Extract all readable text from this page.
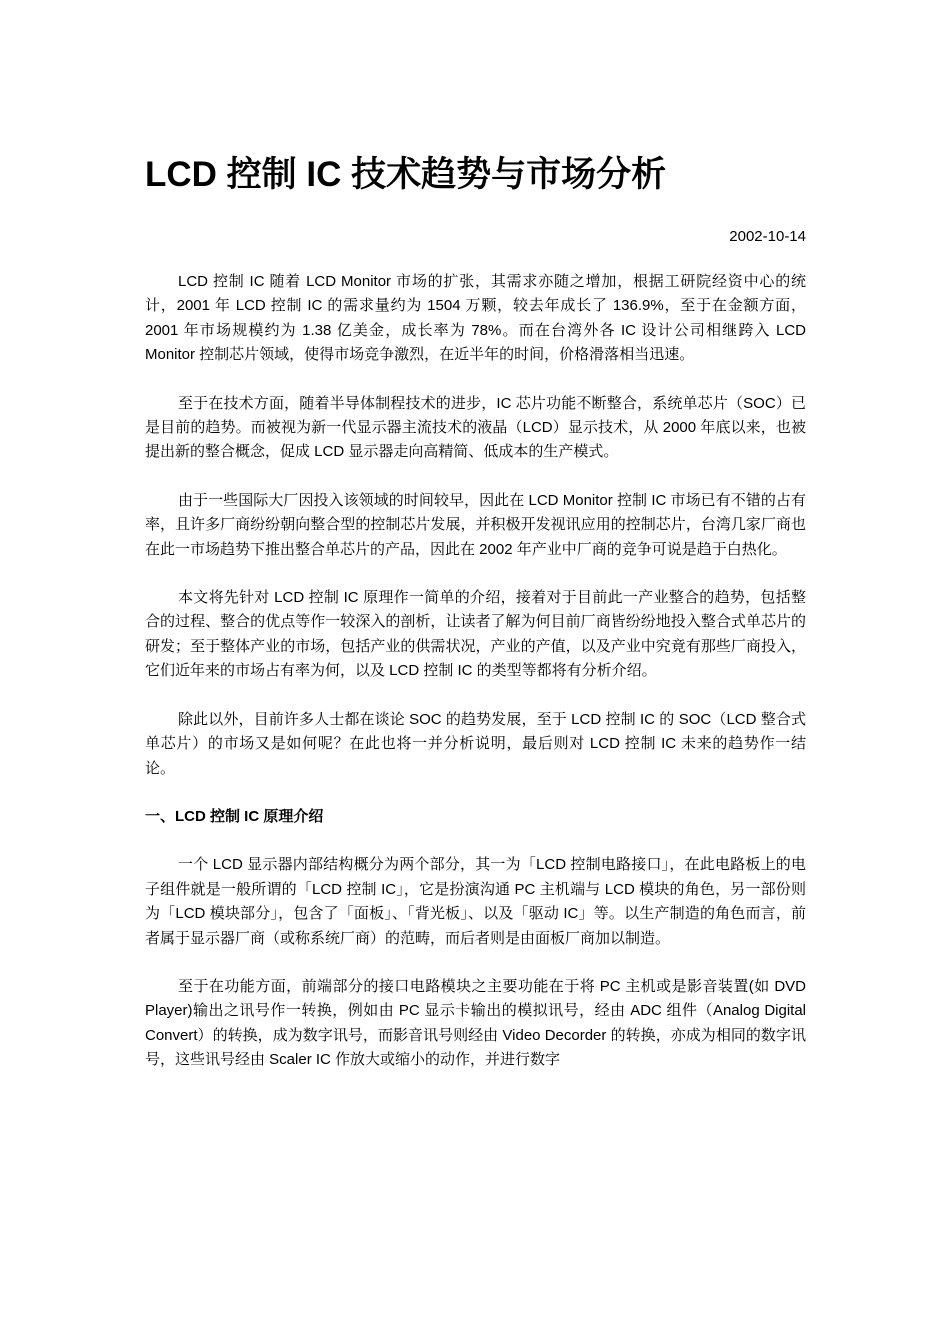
LCD 控制 IC 技术趋势与市场分析
2002-10-14

LCD 控制 IC 随着 LCD Monitor 市场的扩张，其需求亦随之增加，根据工研院经资中心的统计，2001 年 LCD 控制 IC 的需求量约为 1504 万颗，较去年成长了 136.9%，至于在金额方面，2001 年市场规模约为 1.38 亿美金，成长率为 78%。而在台湾外各 IC 设计公司相继跨入 LCD Monitor 控制芯片领域，使得市场竞争激烈，在近半年的时间，价格滑落相当迅速。

至于在技术方面，随着半导体制程技术的进步，IC 芯片功能不断整合，系统单芯片（SOC）已是目前的趋势。而被视为新一代显示器主流技术的液晶（LCD）显示技术，从 2000 年底以来，也被提出新的整合概念，促成 LCD 显示器走向高精简、低成本的生产模式。

由于一些国际大厂因投入该领域的时间较早，因此在 LCD Monitor 控制 IC 市场已有不错的占有率，且许多厂商纷纷朝向整合型的控制芯片发展，并积极开发视讯应用的控制芯片，台湾几家厂商也在此一市场趋势下推出整合单芯片的产品，因此在 2002 年产业中厂商的竞争可说是趋于白热化。

本文将先针对 LCD 控制 IC 原理作一简单的介绍，接着对于目前此一产业整合的趋势，包括整合的过程、整合的优点等作一较深入的剖析，让读者了解为何目前厂商皆纷纷地投入整合式单芯片的研发；至于整体产业的市场，包括产业的供需状况，产业的产值，以及产业中究竟有那些厂商投入，它们近年来的市场占有率为何，以及 LCD 控制 IC 的类型等都将有分析介绍。

除此以外，目前许多人士都在谈论 SOC 的趋势发展，至于 LCD 控制 IC 的 SOC（LCD 整合式单芯片）的市场又是如何呢？在此也将一并分析说明，最后则对 LCD 控制 IC 未来的趋势作一结论。

一、LCD 控制 IC 原理介绍

一个 LCD 显示器内部结构概分为两个部分，其一为「LCD 控制电路接口」，在此电路板上的电子组件就是一般所谓的「LCD 控制 IC」，它是扮演沟通 PC 主机端与 LCD 模块的角色，另一部份则为「LCD 模块部分」，包含了「面板」、「背光板」、以及「驱动 IC」等。以生产制造的角色而言，前者属于显示器厂商（或称系统厂商）的范畴，而后者则是由面板厂商加以制造。

至于在功能方面，前端部分的接口电路模块之主要功能在于将 PC 主机或是影音装置(如 DVD Player)输出之讯号作一转换，例如由 PC 显示卡输出的模拟讯号，经由 ADC 组件（Analog Digital Convert）的转换，成为数字讯号，而影音讯号则经由 Video Decorder 的转换，亦成为相同的数字讯号，这些讯号经由 Scaler IC 作放大或缩小的动作，并进行数字
